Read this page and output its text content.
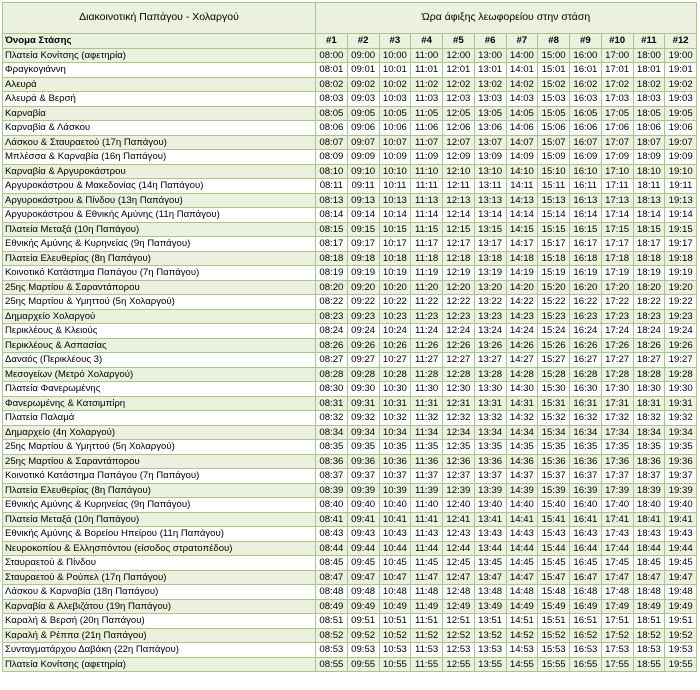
Διακοινοτική Παπάγου - Χολαργού	Ώρα άφιξης λεωφορείου στην στάση											
Όνομα Στάσης	#1	#2	#3	#4	#5	#6	#7	#8	#9	#10	#11	#12
Πλατεία Κονίτσης (αφετηρία)	08:00	09:00	10:00	11:00	12:00	13:00	14:00	15:00	16:00	17:00	18:00	19:00
Φραγκογιάννη	08:01	09:01	10:01	11:01	12:01	13:01	14:01	15:01	16:01	17:01	18:01	19:01
Αλευρά	08:02	09:02	10:02	11:02	12:02	13:02	14:02	15:02	16:02	17:02	18:02	19:02
Αλευρά & Βερσή	08:03	09:03	10:03	11:03	12:03	13:03	14:03	15:03	16:03	17:03	18:03	19:03
Καρναβία	08:05	09:05	10:05	11:05	12:05	13:05	14:05	15:05	16:05	17:05	18:05	19:05
Καρναβία & Λάσκου	08:06	09:06	10:06	11:06	12:06	13:06	14:06	15:06	16:06	17:06	18:06	19:06
Λάσκου & Σταυραετού (17η Παπάγου)	08:07	09:07	10:07	11:07	12:07	13:07	14:07	15:07	16:07	17:07	18:07	19:07
Μπλέσσα & Καρναβία (16η Παπάγου)	08:09	09:09	10:09	11:09	12:09	13:09	14:09	15:09	16:09	17:09	18:09	19:09
Καρναβία & Αργυροκάστρου	08:10	09:10	10:10	11:10	12:10	13:10	14:10	15:10	16:10	17:10	18:10	19:10
Αργυροκάστρου & Μακεδονίας (14η Παπάγου)	08:11	09:11	10:11	11:11	12:11	13:11	14:11	15:11	16:11	17:11	18:11	19:11
Αργυροκάστρου & Πίνδου (13η Παπάγου)	08:13	09:13	10:13	11:13	12:13	13:13	14:13	15:13	16:13	17:13	18:13	19:13
Αργυροκάστρου & Εθνικής Αμύνης (11η Παπάγου)	08:14	09:14	10:14	11:14	12:14	13:14	14:14	15:14	16:14	17:14	18:14	19:14
Πλατεία Μεταξά (10η Παπάγου)	08:15	09:15	10:15	11:15	12:15	13:15	14:15	15:15	16:15	17:15	18:15	19:15
Εθνικής Αμύνης & Κυρηνείας (9η Παπάγου)	08:17	09:17	10:17	11:17	12:17	13:17	14:17	15:17	16:17	17:17	18:17	19:17
Πλατεία Ελευθερίας (8η Παπάγου)	08:18	09:18	10:18	11:18	12:18	13:18	14:18	15:18	16:18	17:18	18:18	19:18
Κοινοτικό Κατάστημα Παπάγου (7η Παπάγου)	08:19	09:19	10:19	11:19	12:19	13:19	14:19	15:19	16:19	17:19	18:19	19:19
25ης Μαρτίου & Σαραντάπορου	08:20	09:20	10:20	11:20	12:20	13:20	14:20	15:20	16:20	17:20	18:20	19:20
25ης Μαρτίου & Υμηττού (5η Χολαργού)	08:22	09:22	10:22	11:22	12:22	13:22	14:22	15:22	16:22	17:22	18:22	19:22
Δημαρχείο Χολαργού	08:23	09:23	10:23	11:23	12:23	13:23	14:23	15:23	16:23	17:23	18:23	19:23
Περικλέους & Κλειούς	08:24	09:24	10:24	11:24	12:24	13:24	14:24	15:24	16:24	17:24	18:24	19:24
Περικλέους & Ασπασίας	08:26	09:26	10:26	11:26	12:26	13:26	14:26	15:26	16:26	17:26	18:26	19:26
Δαναός (Περικλέους 3)	08:27	09:27	10:27	11:27	12:27	13:27	14:27	15:27	16:27	17:27	18:27	19:27
Μεσογείων (Μετρό Χολαργού)	08:28	09:28	10:28	11:28	12:28	13:28	14:28	15:28	16:28	17:28	18:28	19:28
Πλατεία Φανερωμένης	08:30	09:30	10:30	11:30	12:30	13:30	14:30	15:30	16:30	17:30	18:30	19:30
Φανερωμένης & Κατσιμπίρη	08:31	09:31	10:31	11:31	12:31	13:31	14:31	15:31	16:31	17:31	18:31	19:31
Πλατεία Παλαμά	08:32	09:32	10:32	11:32	12:32	13:32	14:32	15:32	16:32	17:32	18:32	19:32
Δημαρχείο (4η Χολαργού)	08:34	09:34	10:34	11:34	12:34	13:34	14:34	15:34	16:34	17:34	18:34	19:34
25ης Μαρτίου & Υμηττού (5η Χολαργού)	08:35	09:35	10:35	11:35	12:35	13:35	14:35	15:35	16:35	17:35	18:35	19:35
25ης Μαρτίου & Σαραντάπορου	08:36	09:36	10:36	11:36	12:36	13:36	14:36	15:36	16:36	17:36	18:36	19:36
Κοινοτικό Κατάστημα Παπάγου (7η Παπάγου)	08:37	09:37	10:37	11:37	12:37	13:37	14:37	15:37	16:37	17:37	18:37	19:37
Πλατεία Ελευθερίας (8η Παπάγου)	08:39	09:39	10:39	11:39	12:39	13:39	14:39	15:39	16:39	17:39	18:39	19:39
Εθνικής Αμύνης & Κυρηνείας (9η Παπάγου)	08:40	09:40	10:40	11:40	12:40	13:40	14:40	15:40	16:40	17:40	18:40	19:40
Πλατεία Μεταξά (10η Παπάγου)	08:41	09:41	10:41	11:41	12:41	13:41	14:41	15:41	16:41	17:41	18:41	19:41
Εθνικής Αμύνης & Βορείου Ηπείρου (11η Παπάγου)	08:43	09:43	10:43	11:43	12:43	13:43	14:43	15:43	16:43	17:43	18:43	19:43
Νευροκοπίου & Ελλησπόντου (είσοδος στρατοπέδου)	08:44	09:44	10:44	11:44	12:44	13:44	14:44	15:44	16:44	17:44	18:44	19:44
Σταυραετού & Πίνδου	08:45	09:45	10:45	11:45	12:45	13:45	14:45	15:45	16:45	17:45	18:45	19:45
Σταυραετού & Ρούπελ (17η Παπάγου)	08:47	09:47	10:47	11:47	12:47	13:47	14:47	15:47	16:47	17:47	18:47	19:47
Λάσκου & Καρναβία (18η Παπάγου)	08:48	09:48	10:48	11:48	12:48	13:48	14:48	15:48	16:48	17:48	18:48	19:48
Καρναβία & Αλεβιζάτου (19η Παπάγου)	08:49	09:49	10:49	11:49	12:49	13:49	14:49	15:49	16:49	17:49	18:49	19:49
Καραλή & Βερσή (20η Παπάγου)	08:51	09:51	10:51	11:51	12:51	13:51	14:51	15:51	16:51	17:51	18:51	19:51
Καραλή & Ρέππα (21η Παπάγου)	08:52	09:52	10:52	11:52	12:52	13:52	14:52	15:52	16:52	17:52	18:52	19:52
Συνταγματάρχου Δαβάκη (22η Παπάγου)	08:53	09:53	10:53	11:53	12:53	13:53	14:53	15:53	16:53	17:53	18:53	19:53
Πλατεία Κονίτσης (αφετηρία)	08:55	09:55	10:55	11:55	12:55	13:55	14:55	15:55	16:55	17:55	18:55	19:55
